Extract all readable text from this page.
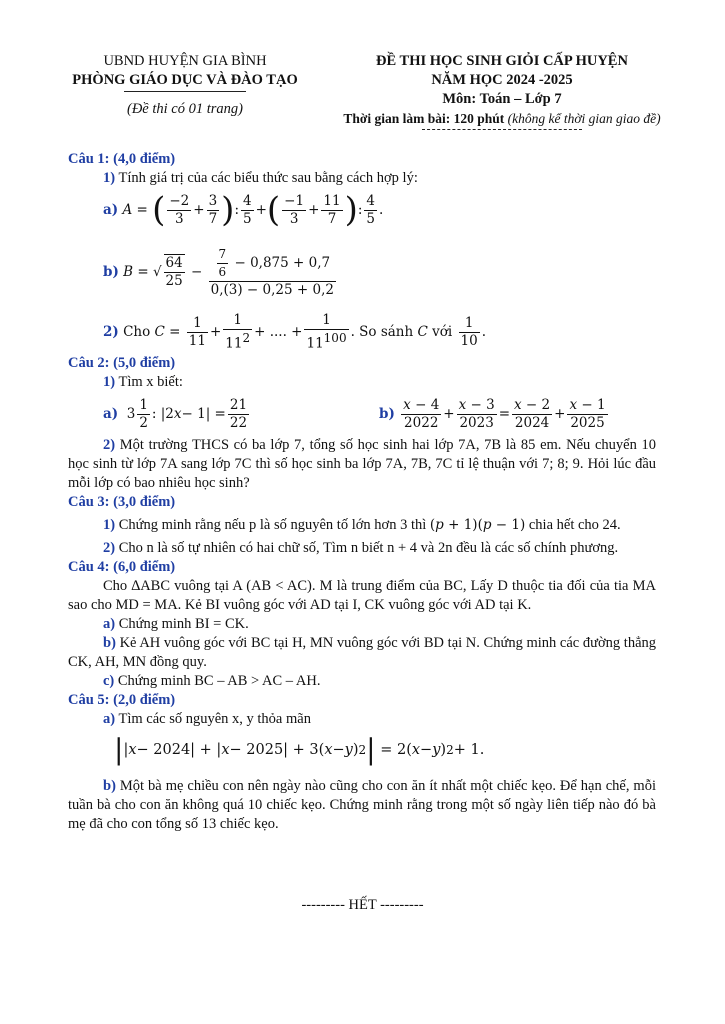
UBND HUYỆN GIA BÌNH
PHÒNG GIÁO DỤC VÀ ĐÀO TẠO
(Đề thi có 01 trang)
ĐỀ THI HỌC SINH GIỎI CẤP HUYỆN
NĂM HỌC 2024 -2025
Môn: Toán – Lớp 7
Thời gian làm bài: 120 phút (không kể thời gian giao đề)
Câu 1: (4,0 điểm)
1) Tính giá trị của các biểu thức sau bằng cách hợp lý:
a)
A = ( $\frac{-2}{3} + \frac{3}{7}$ ) : $\frac{4}{5}$ + ( $\frac{-1}{3} + \frac{11}{7}$ ) : $\frac{4}{5}$ .
b)
B = √ $\frac{64}{25} - \frac{\frac{7}{6} - 0,875 + 0,7}{0,(3) - 0,25 + 0,2}$
2)
Cho
$C = \frac{1}{11} + \frac{1}{11^2}$ + .... + $\frac{1}{11^{100}}$ . So sánh
C
với
$\frac{1}{10}$ .
Câu 2: (5,0 điểm)
1) Tìm x biết:
a) $3 \frac{1}{2}$ : |2 $x - 1| = \frac{21}{22}$	b)
$\frac{x - 4}{2022} + \frac{x - 3}{2023} = \frac{x - 2}{2024} + \frac{x - 1}{2025}$
2) Một trường THCS có ba lớp 7, tổng số học sinh hai lớp 7A, 7B là 85 em. Nếu chuyển 10 học sinh từ lớp 7A sang lớp 7C thì số học sinh ba lớp 7A, 7B, 7C tỉ lệ thuận với 7; 8; 9. Hỏi lúc đầu mỗi lớp có bao nhiêu học sinh?
Câu 3: (3,0 điểm)
1) Chứng minh rằng nếu p là số nguyên tố lớn hơn 3 thì (p + 1)(p − 1) chia hết cho 24.
2) Cho n là số tự nhiên có hai chữ số, Tìm n biết n + 4 và 2n đều là các số chính phương.
Câu 4: (6,0 điểm)
Cho ∆ABC vuông tại A (AB < AC). M là trung điểm của BC, Lấy D thuộc tia đối của tia MA sao cho MD = MA. Kẻ BI vuông góc với AD tại I, CK vuông góc với AD tại K.
a) Chứng minh BI = CK.
b) Kẻ AH vuông góc với BC tại H, MN vuông góc với BD tại N. Chứng minh các đường thẳng CK, AH, MN đồng quy.
c) Chứng minh BC – AB > AC – AH.
Câu 5: (2,0 điểm)
a) Tìm các số nguyên x, y thỏa mãn
| | x − 2024| + | x − 2025| + 3( x − y ) 2 | = 2( x − y ) 2 + 1.
b) Một bà mẹ chiều con nên ngày nào cũng cho con ăn ít nhất một chiếc kẹo. Để hạn chế, mỗi tuần bà cho con ăn không quá 10 chiếc kẹo. Chứng minh rằng trong một số ngày liên tiếp nào đó bà mẹ đã cho con tổng số 13 chiếc kẹo.
--------- HẾT ---------
